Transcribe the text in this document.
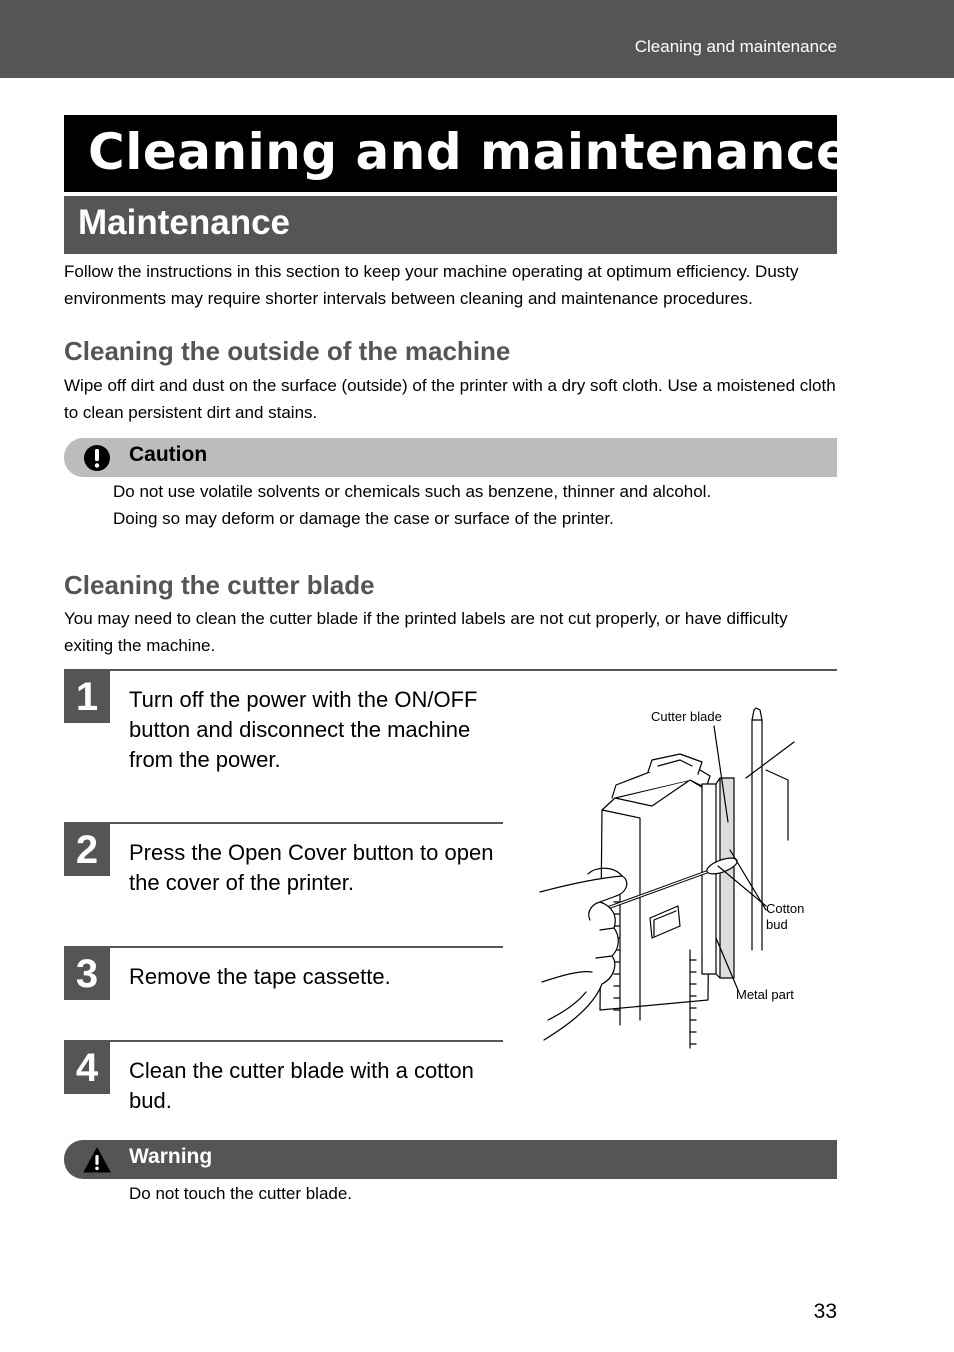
Cleaning and maintenance
Cleaning and maintenance
Maintenance

Follow the instructions in this section to keep your machine operating at optimum efficiency. Dusty environments may require shorter intervals between cleaning and maintenance procedures.

Cleaning the outside of the machine

Wipe off dirt and dust on the surface (outside) of the printer with a dry soft cloth. Use a moistened cloth to clean persistent dirt and stains.

Caution

Do not use volatile solvents or chemicals such as benzene, thinner and alcohol.

Doing so may deform or damage the case or surface of the printer.

Cleaning the cutter blade

You may need to clean the cutter blade if the printed labels are not cut properly, or have difficulty exiting the machine.

1	Turn off the power with the ON/OFF button and disconnect the machine from the power.

2	Press the Open Cover button to open the cover of the printer.

3	Remove the tape cassette.

4	Clean the cutter blade with a cotton bud.

Cutter blade
Cotton
bud
Metal part
Warning

Do not touch the cutter blade.

33
